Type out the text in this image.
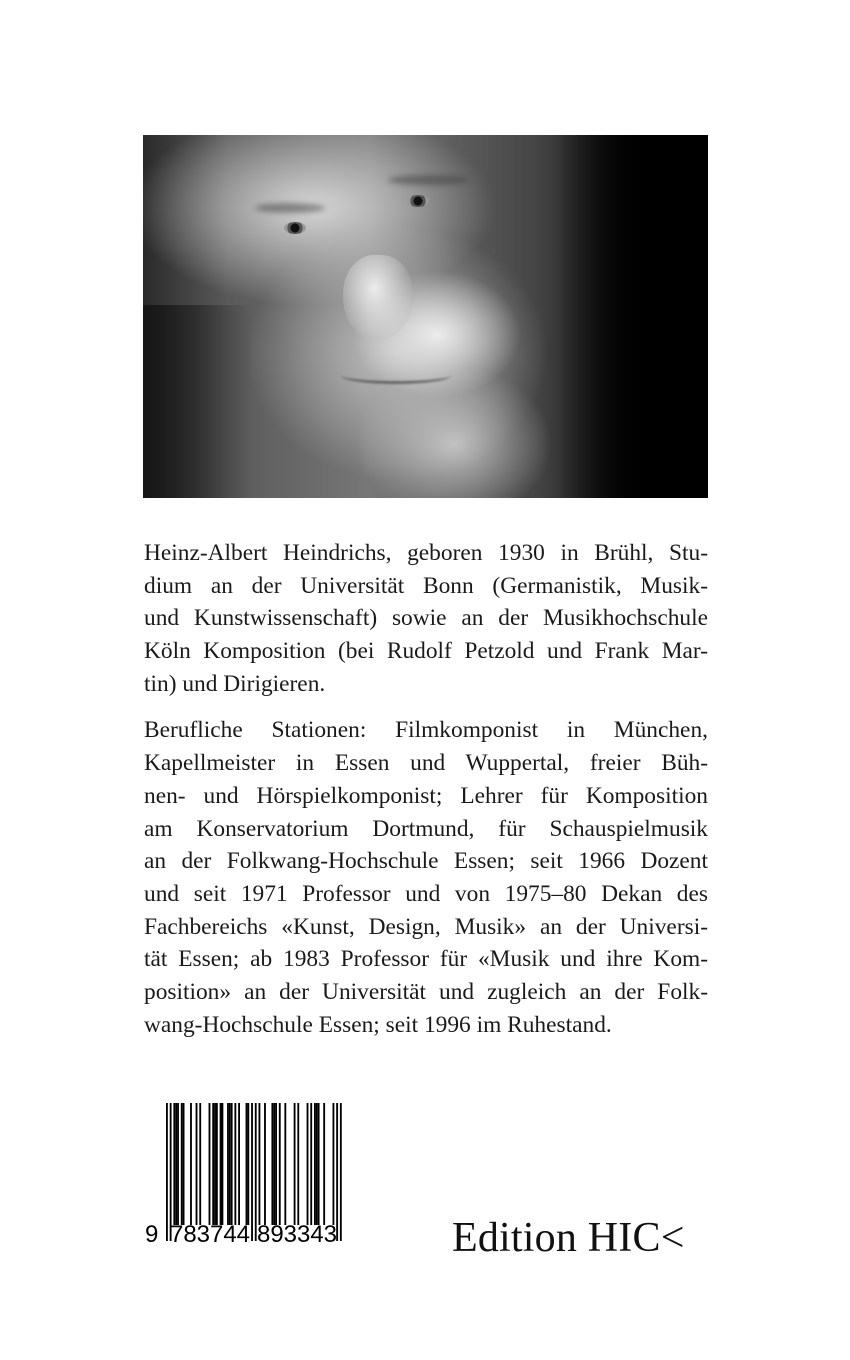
Heinz-Albert Heindrichs, geboren 1930 in Brühl, Stu-
dium an der Universität Bonn (Germanistik, Musik-
und Kunstwissenschaft) sowie an der Musikhochschule
Köln Komposition (bei Rudolf Petzold und Frank Mar-
tin) und Dirigieren.

Berufliche Stationen: Filmkomponist in München,
Kapellmeister in Essen und Wuppertal, freier Büh-
nen- und Hörspielkomponist; Lehrer für Komposition
am Konservatorium Dortmund, für Schauspielmusik
an der Folkwang-Hochschule Essen; seit 1966 Dozent
und seit 1971 Professor und von 1975–80 Dekan des
Fachbereichs «Kunst, Design, Musik» an der Universi-
tät Essen; ab 1983 Professor für «Musik und ihre Kom-
position» an der Universität und zugleich an der Folk-
wang-Hochschule Essen; seit 1996 im Ruhestand.

9 783744 893343	Edition HIC<
